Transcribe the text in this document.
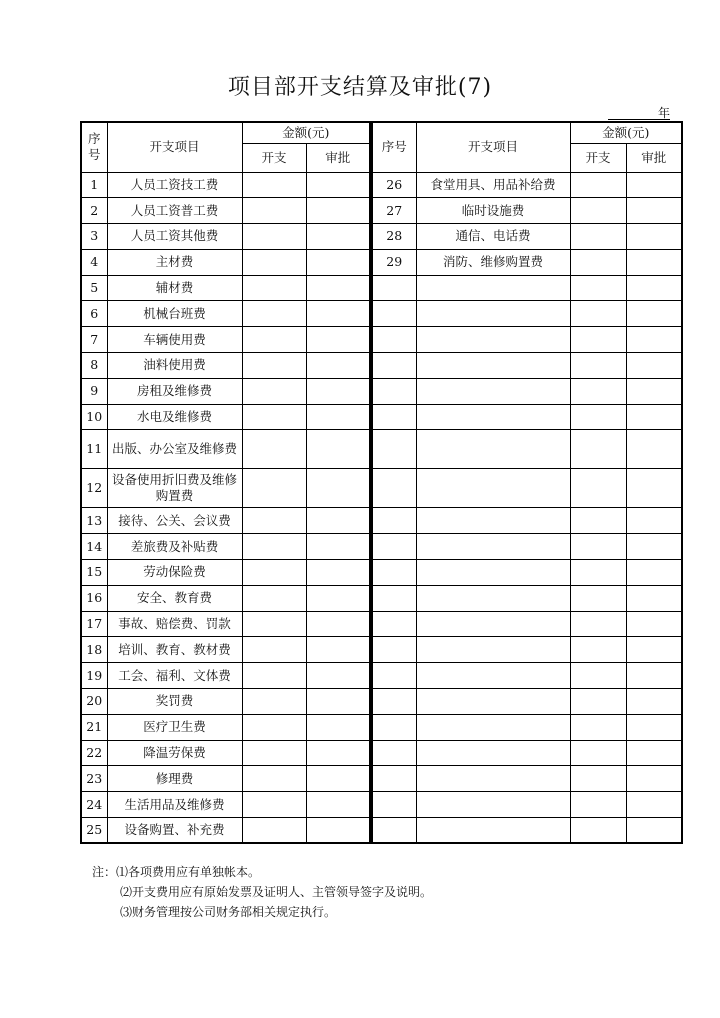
项目部开支结算及审批(7)
年
序
号	开支项目	金额(元)	
		开支	审批
1	人员工资技工费		
2	人员工资普工费		
3	人员工资其他费		
4	主材费		
5	辅材费		
6	机械台班费		
7	车辆使用费		
8	油料使用费		
9	房租及维修费		
10	水电及维修费		
11	出版、办公室及维修费		
12	设备使用折旧费及维修购置费		
13	接待、公关、会议费		
14	差旅费及补贴费		
15	劳动保险费		
16	安全、教育费		
17	事故、赔偿费、罚款		
18	培训、教育、教材费		
19	工会、福利、文体费		
20	奖罚费		
21	医疗卫生费		
22	降温劳保费		
23	修理费		
24	生活用品及维修费		
25	设备购置、补充费		
序号	开支项目	金额(元)	
		开支	审批
26	食堂用具、用品补给费		
27	临时设施费		
28	通信、电话费		
29	消防、维修购置费		

注：⑴各项费用应有单独帐本。
⑵开支费用应有原始发票及证明人、主管领导签字及说明。
⑶财务管理按公司财务部相关规定执行。
